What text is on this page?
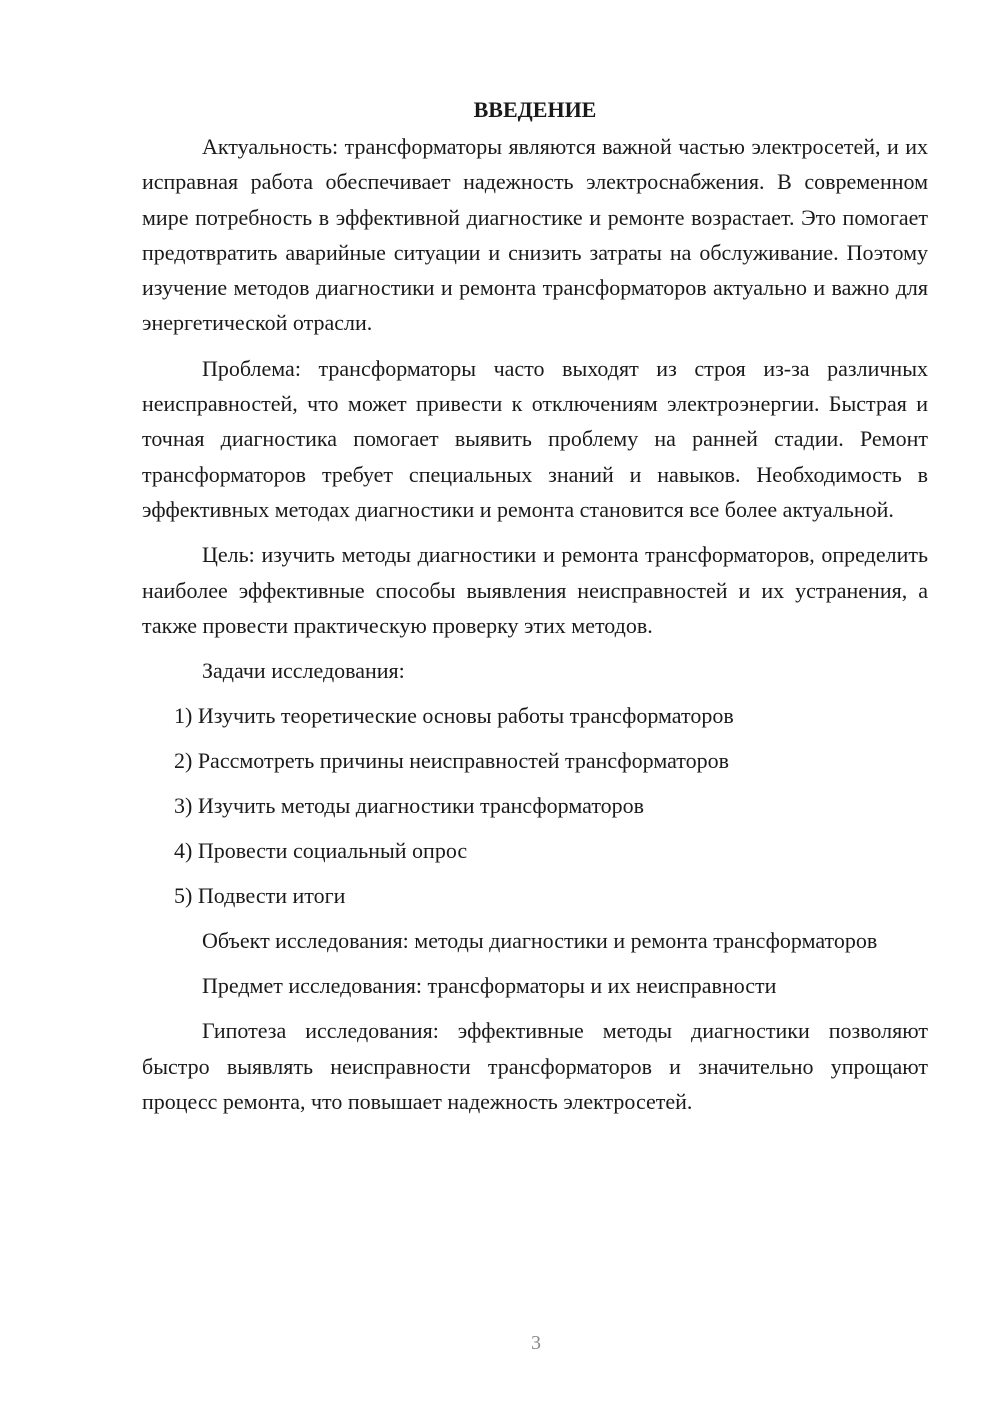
ВВЕДЕНИЕ

Актуальность: трансформаторы являются важной частью электросетей, и их исправная работа обеспечивает надежность электроснабжения. В современном мире потребность в эффективной диагностике и ремонте возрастает. Это помогает предотвратить аварийные ситуации и снизить затраты на обслуживание. Поэтому изучение методов диагностики и ремонта трансформаторов актуально и важно для энергетической отрасли.

Проблема: трансформаторы часто выходят из строя из-за различных неисправностей, что может привести к отключениям электроэнергии. Быстрая и точная диагностика помогает выявить проблему на ранней стадии. Ремонт трансформаторов требует специальных знаний и навыков. Необходимость в эффективных методах диагностики и ремонта становится все более актуальной.

Цель: изучить методы диагностики и ремонта трансформаторов, определить наиболее эффективные способы выявления неисправностей и их устранения, а также провести практическую проверку этих методов.

Задачи исследования:

1) Изучить теоретические основы работы трансформаторов
2) Рассмотреть причины неисправностей трансформаторов
3) Изучить методы диагностики трансформаторов
4) Провести социальный опрос
5) Подвести итоги

Объект исследования: методы диагностики и ремонта трансформаторов

Предмет исследования: трансформаторы и их неисправности

Гипотеза исследования: эффективные методы диагностики позволяют быстро выявлять неисправности трансформаторов и значительно упрощают процесс ремонта, что повышает надежность электросетей.

3
